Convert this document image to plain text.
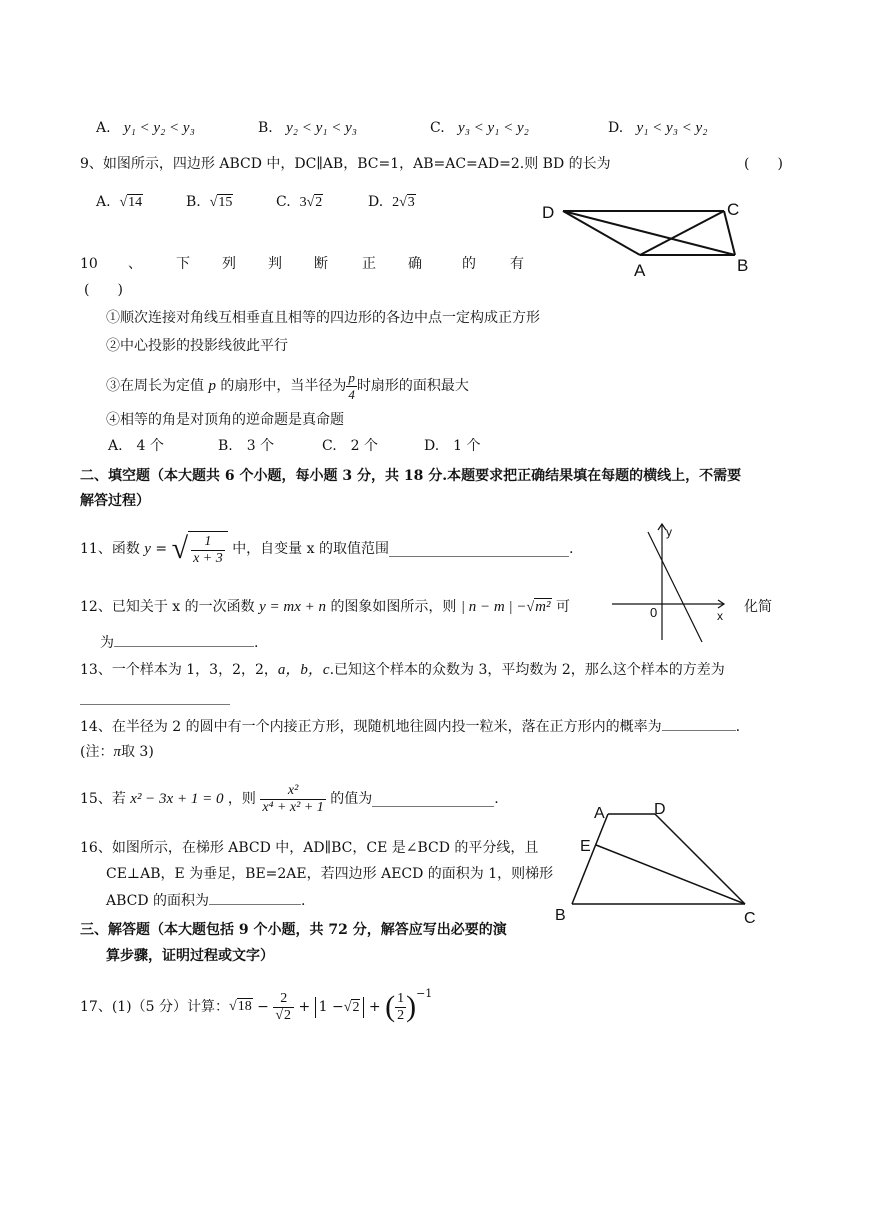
A. y₁ < y₂ < y₃	B. y₂ < y₁ < y₃	C. y₃ < y₁ < y₂	D. y₁ < y₃ < y₂
9、如图所示，四边形 ABCD 中，DC∥AB，BC=1，AB=AC=AD=2.则 BD 的长为	(　　)
A. √14	B. √15	C. 3√2	D. 2√3
D	C
A	B
10 、 下 列 判 断 正 确	的 有
(　　)
①顺次连接对角线互相垂直且相等的四边形的各边中点一定构成正方形
②中心投影的投影线彼此平行
③在周长为定值
p
的扇形中，当半径为 $\frac{p}{4}$ 时扇形的面积最大
④相等的角是对顶角的逆命题是真命题
A.　4 个	B.　3 个	C.　2 个	D.　1 个
二、填空题（本大题共 6 个小题，每小题 3 分，共 18 分.本题要求把正确结果填在每题的横线上，不需要
解答过程）
11、函数
y
=
√ $\frac{1}{x + 3}$
中，自变量 x 的取值范围	.
12、已知关于 x 的一次函数 y = mx + n 的图象如图所示，则 | n − m | −√m² 可	化简
为	.
y
x
0
13、一个样本为 1，3，2，2，a，b，c.已知这个样本的众数为 3，平均数为 2，那么这个样本的方差为
14、在半径为 2 的圆中有一个内接正方形，现随机地往圆内投一粒米，落在正方形内的概率为	.
(注：π取 3)
15、若
x² − 3x + 1 = 0
，则
$\frac{\text{x²}}{\text{x⁴ + x² + 1}}$
的值为	.
16、如图所示，在梯形 ABCD 中，AD∥BC，CE 是∠BCD 的平分线，且
CE⊥AB，E 为垂足，BE=2AE，若四边形 AECD 的面积为 1，则梯形
ABCD 的面积为	.
A	D
E
B	C
三、解答题（本大题包括 9 个小题，共 72 分，解答应写出必要的演
算步骤，证明过程或文字）
17、(1)（5 分）计算： √18
−
$\frac{2}{√2}$
+
1 −√2
+
( $\frac{1}{2} )^{-1}$
